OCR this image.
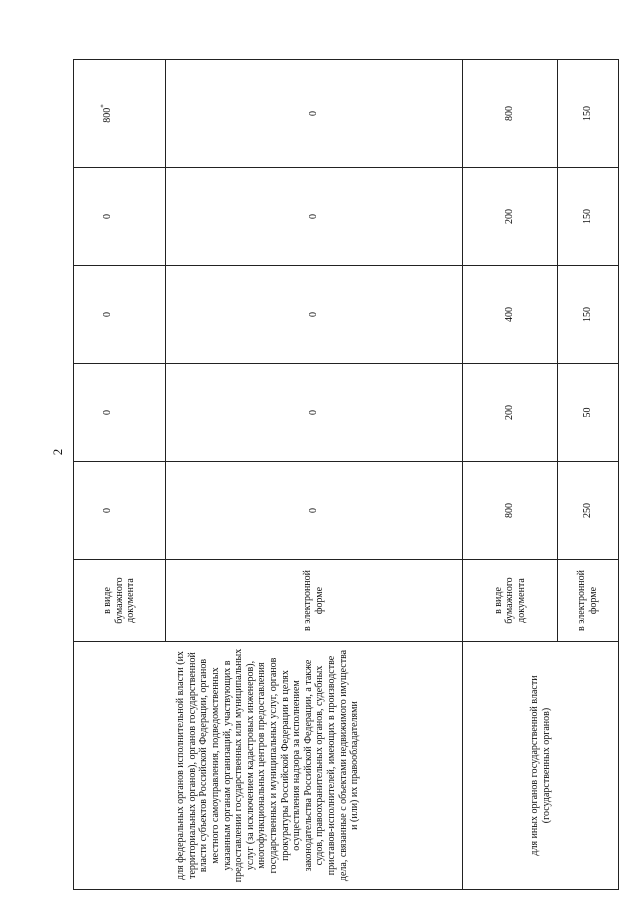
2
для федеральных органов исполнительной власти (их территориальных органов), органов государственной власти субъектов Российской Федерации, органов местного самоуправления, подведомственных указанным органам организаций, участвующих в предоставлении государственных или муниципальных услуг (за исключением кадастровых инженеров), многофункциональных центров предоставления государственных и муниципальных услуг, органов прокуратуры Российской Федерации в целях осуществления надзора за исполнением законодательства Российской Федерации, а также судов, правоохранительных органов, судебных приставов-исполнителей, имеющих в производстве дела, связанные с объектами недвижимого имущества и (или) их правообладателями	в виде бумажного документа	0	0	0	0	800*
	в электронной форме	0	0	0	0	0
для иных органов государственной власти (государственных органов)	в виде бумажного документа	800	200	400	200	800
	в электронной форме	250	50	150	150	150
